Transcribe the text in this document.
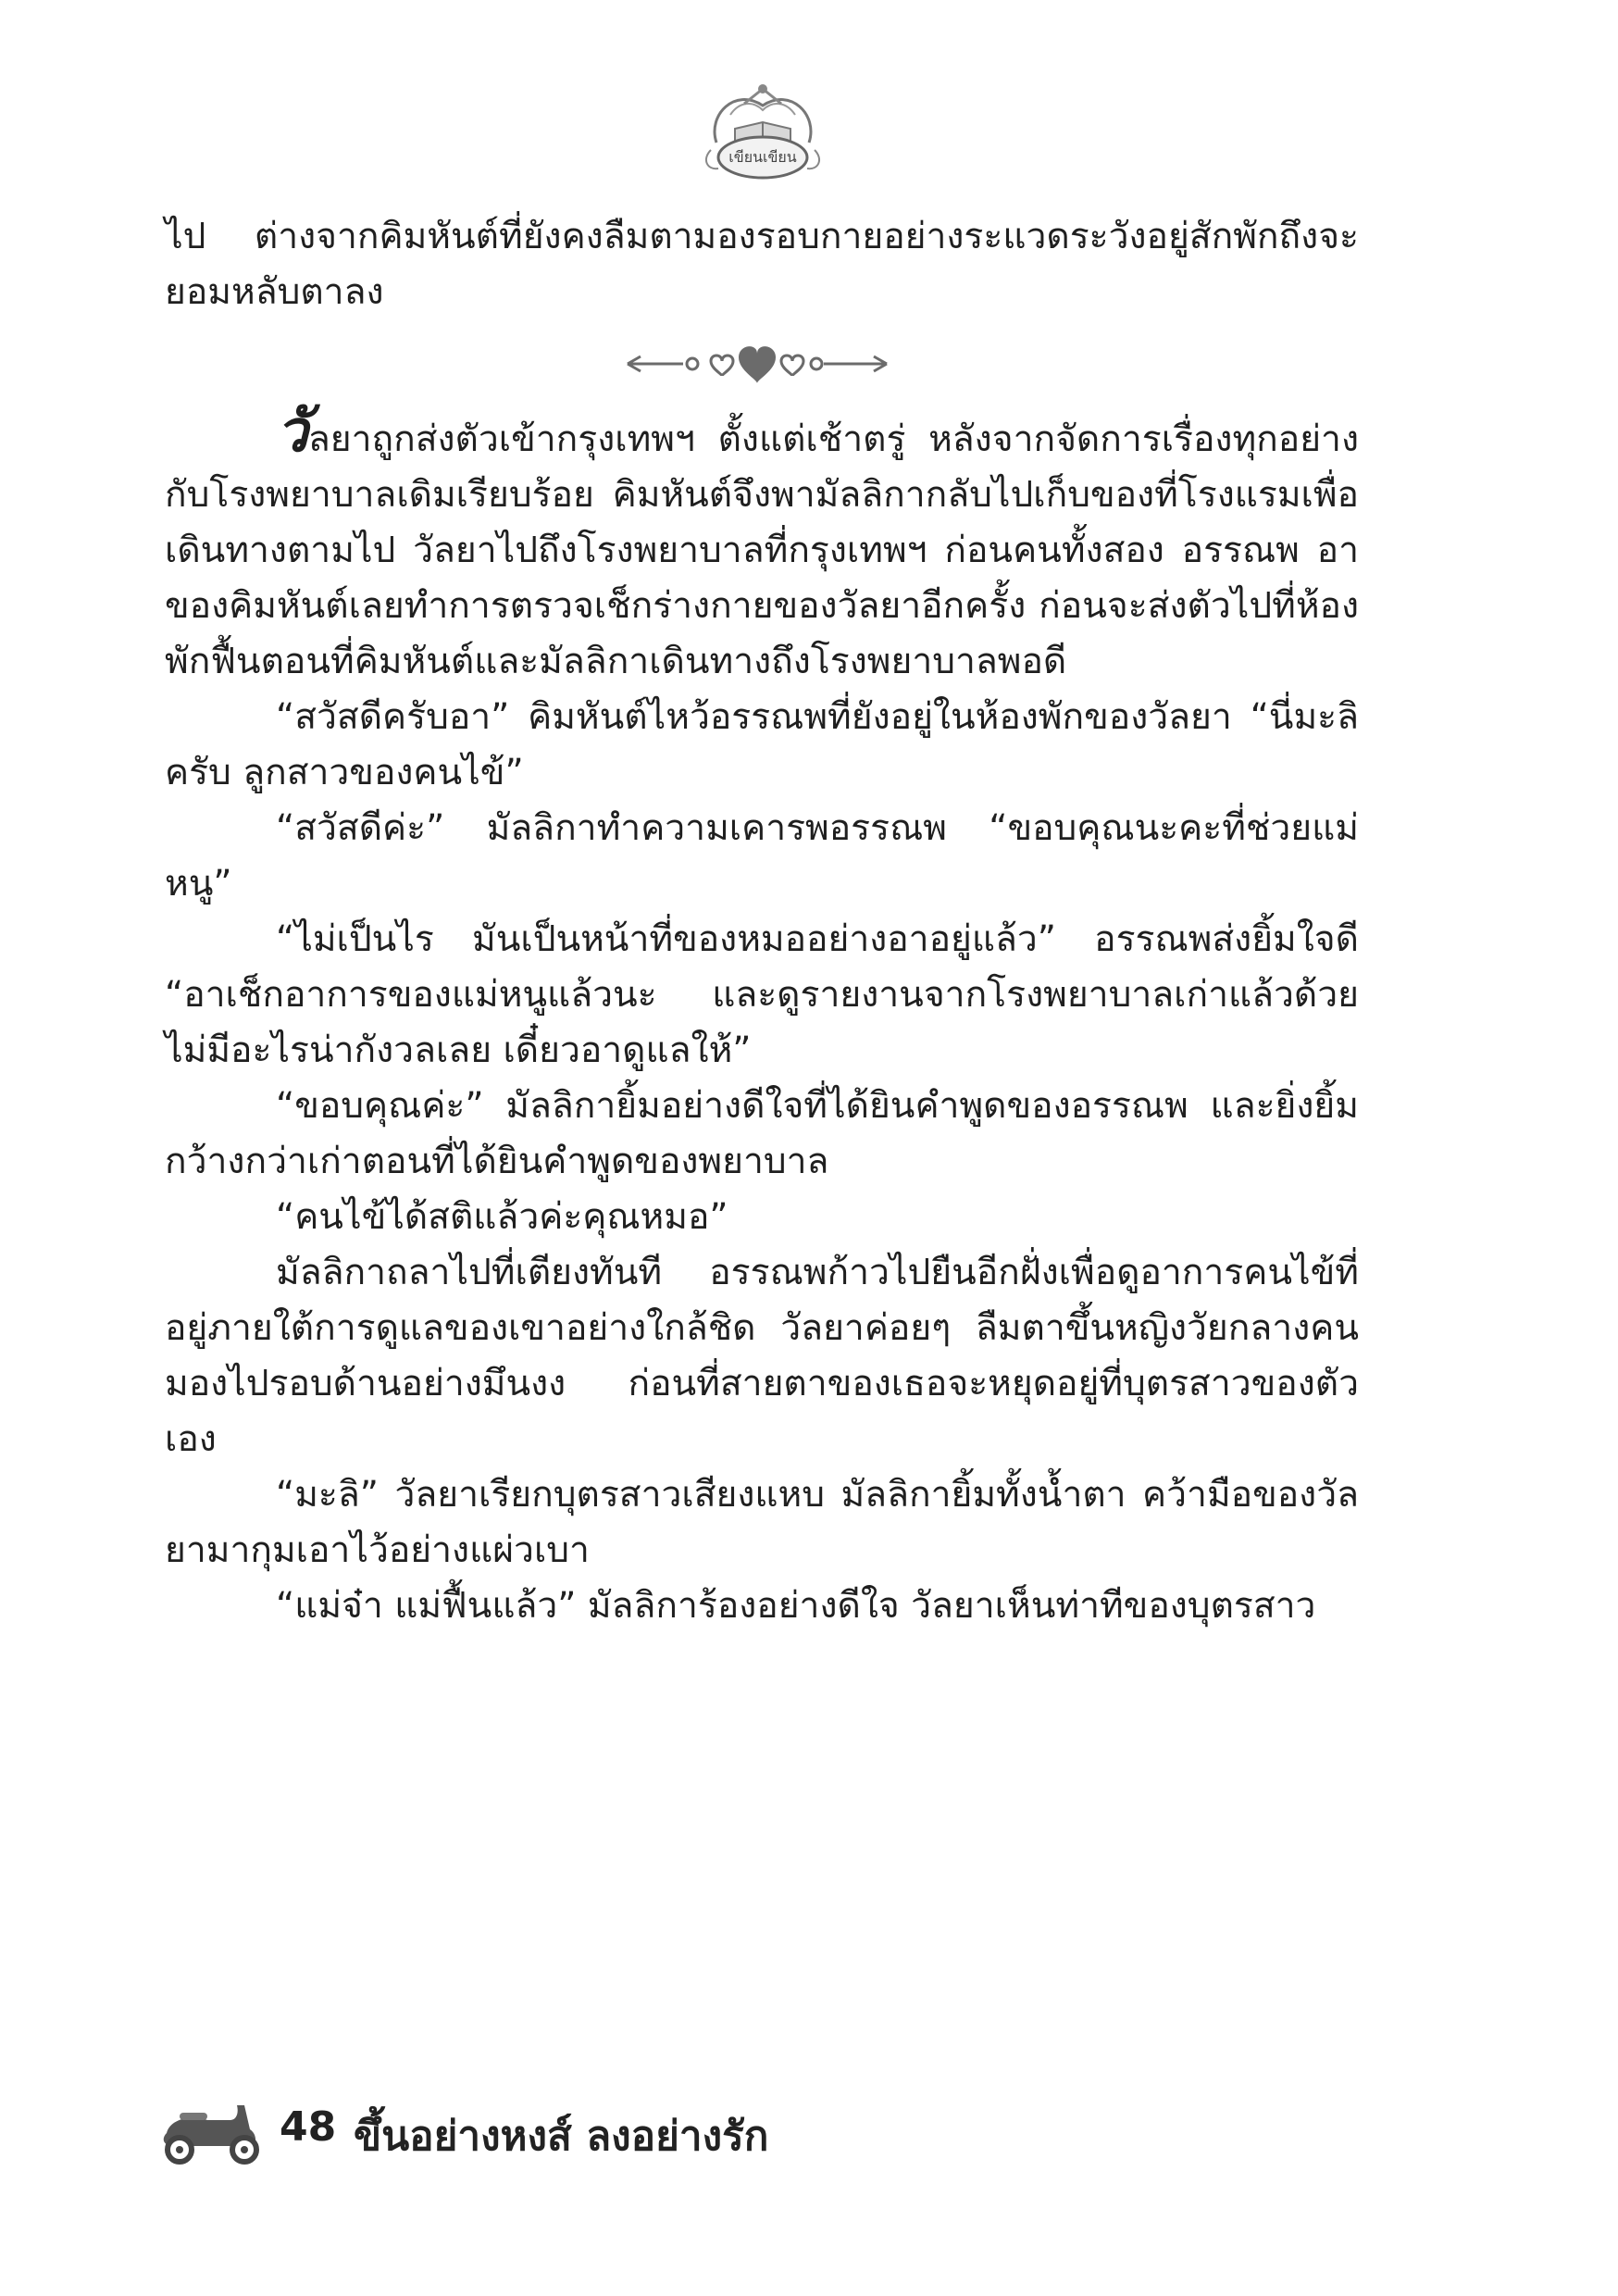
เขียนเขียน

ไป ต่างจากคิมหันต์ที่ยังคงลืมตามองรอบกายอย่างระแวดระวังอยู่สักพักถึงจะยอมหลับตาลง

วัลยาถูกส่งตัวเข้ากรุงเทพฯ ตั้งแต่เช้าตรู่ หลังจากจัดการเรื่องทุกอย่างกับโรงพยาบาลเดิมเรียบร้อย คิมหันต์จึงพามัลลิกากลับไปเก็บของที่โรงแรมเพื่อเดินทางตามไป วัลยาไปถึงโรงพยาบาลที่กรุงเทพฯ ก่อนคนทั้งสอง อรรณพ อาของคิมหันต์เลยทำการตรวจเช็กร่างกายของวัลยาอีกครั้ง ก่อนจะส่งตัวไปที่ห้องพักฟื้นตอนที่คิมหันต์และมัลลิกาเดินทางถึงโรงพยาบาลพอดี

“สวัสดีครับอา” คิมหันต์ไหว้อรรณพที่ยังอยู่ในห้องพักของวัลยา “นี่มะลิครับ ลูกสาวของคนไข้”

“สวัสดีค่ะ” มัลลิกาทำความเคารพอรรณพ “ขอบคุณนะคะที่ช่วยแม่หนู”

“ไม่เป็นไร มันเป็นหน้าที่ของหมออย่างอาอยู่แล้ว” อรรณพส่งยิ้มใจดี “อาเช็กอาการของแม่หนูแล้วนะ และดูรายงานจากโรงพยาบาลเก่าแล้วด้วย ไม่มีอะไรน่ากังวลเลย เดี๋ยวอาดูแลให้”

“ขอบคุณค่ะ” มัลลิกายิ้มอย่างดีใจที่ได้ยินคำพูดของอรรณพ และยิ่งยิ้มกว้างกว่าเก่าตอนที่ได้ยินคำพูดของพยาบาล

“คนไข้ได้สติแล้วค่ะคุณหมอ”

มัลลิกาถลาไปที่เตียงทันที อรรณพก้าวไปยืนอีกฝั่งเพื่อดูอาการคนไข้ที่อยู่ภายใต้การดูแลของเขาอย่างใกล้ชิด วัลยาค่อยๆ ลืมตาขึ้นหญิงวัยกลางคนมองไปรอบด้านอย่างมึนงง ก่อนที่สายตาของเธอจะหยุดอยู่ที่บุตรสาวของตัวเอง

“มะลิ” วัลยาเรียกบุตรสาวเสียงแหบ มัลลิกายิ้มทั้งน้ำตา คว้ามือของวัลยามากุมเอาไว้อย่างแผ่วเบา

“แม่จ๋า แม่ฟื้นแล้ว” มัลลิการ้องอย่างดีใจ วัลยาเห็นท่าทีของบุตรสาว

48 ขึ้นอย่างหงส์ ลงอย่างรัก
